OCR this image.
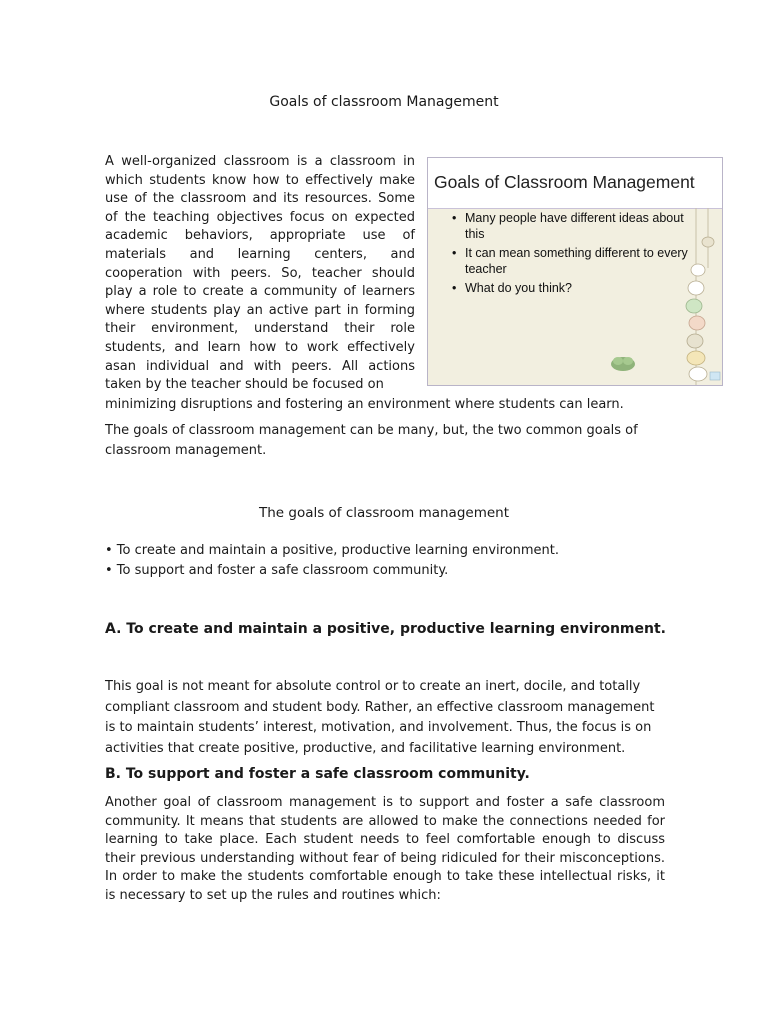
Goals of classroom Management
A well-organized classroom is a classroom in which students know how to effectively make use of the classroom and its resources. Some of the teaching objectives focus on expected academic behaviors, appropriate use of materials and learning centers, and cooperation with peers. So, teacher should play a role to create a community of learners where students play an active part in forming their environment, understand their role students, and learn how to work effectively asan individual and with peers. All actions taken by the teacher should be focused on
minimizing disruptions and fostering an environment where students can learn.
Goals of Classroom Management
• Many people have different ideas about this
• It can mean something different to every teacher
• What do you think?
The goals of classroom management can be many, but, the two common goals of classroom management.
The goals of classroom management
• To create and maintain a positive, productive learning environment.
• To support and foster a safe classroom community.
A. To create and maintain a positive, productive learning environment.
This goal is not meant for absolute control or to create an inert, docile, and totally compliant classroom and student body. Rather, an effective classroom management is to maintain students’ interest, motivation, and involvement. Thus, the focus is on activities that create positive, productive, and facilitative learning environment.
B. To support and foster a safe classroom community.
Another goal of classroom management is to support and foster a safe classroom community. It means that students are allowed to make the connections needed for learning to take place. Each student needs to feel comfortable enough to discuss their previous understanding without fear of being ridiculed for their misconceptions. In order to make the students comfortable enough to take these intellectual risks, it is necessary to set up the rules and routines which:
